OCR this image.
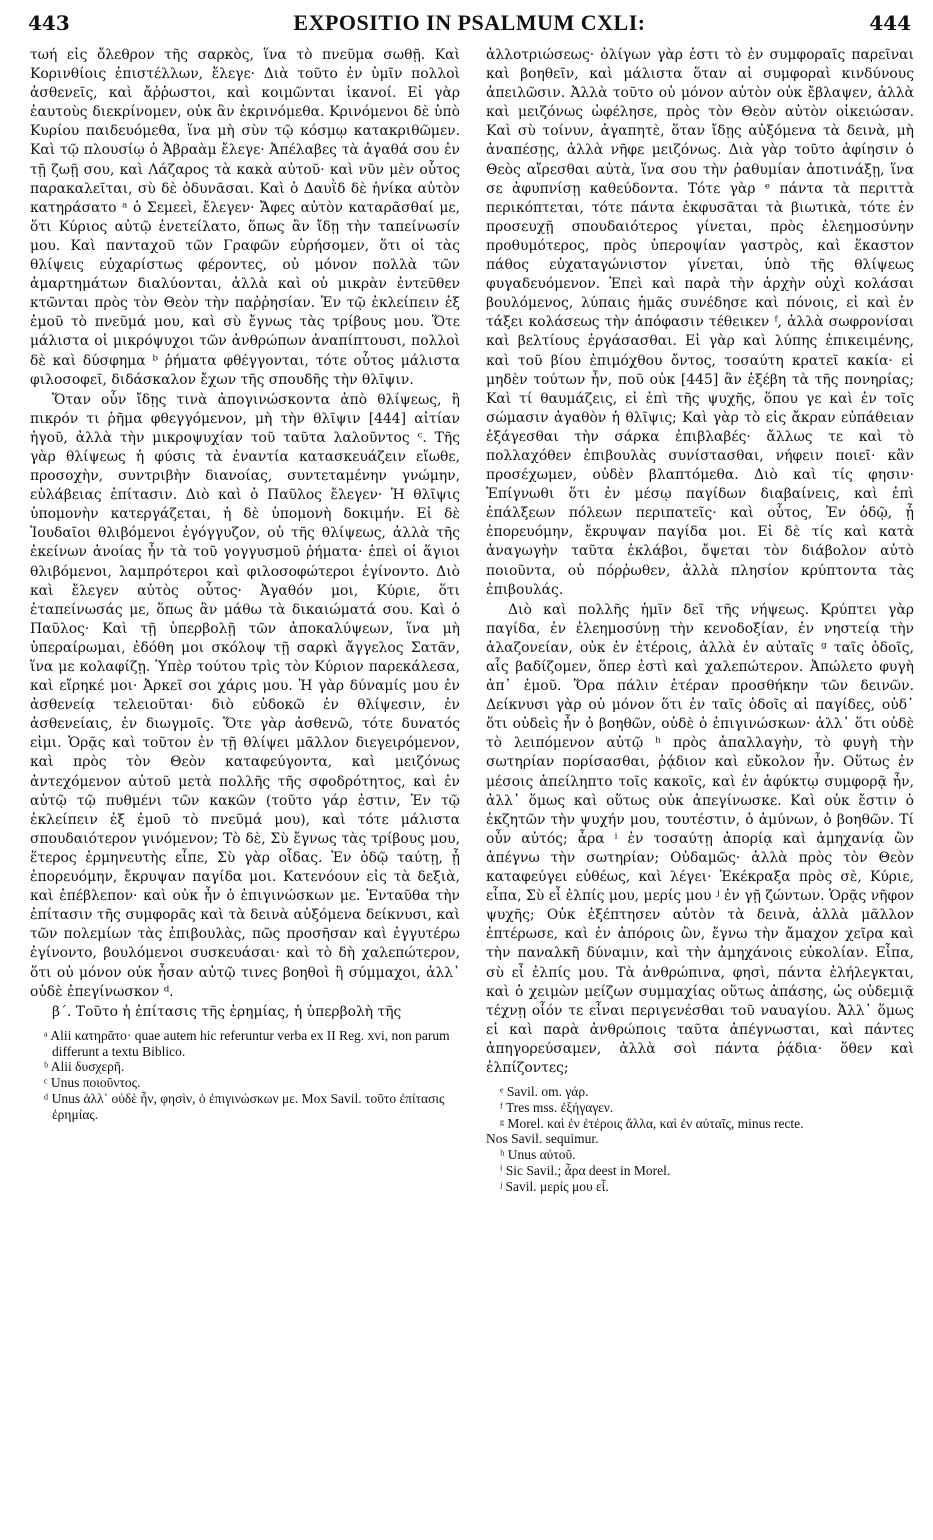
443	EXPOSITIO IN PSALMUM CXLI:	444

τωή εἰς ὄλεθρον τῆς σαρκὸς, ἵνα τὸ πνεῦμα σωθῇ. Καὶ Κορινθίοις ἐπιστέλλων, ἔλεγε· Διὰ τοῦτο ἐν ὑμῖν πολλοὶ ἀσθενεῖς, καὶ ἄῤῥωστοι, καὶ κοιμῶνται ἱκανοί. Εἰ γὰρ ἑαυτοὺς διεκρίνομεν, οὐκ ἂν ἐκρινόμεθα. Κρινόμενοι δὲ ὑπὸ Κυρίου παιδευόμεθα, ἵνα μὴ σὺν τῷ κόσμῳ κατακριθῶμεν. Καὶ τῷ πλουσίῳ ὁ Ἀβραὰμ ἔλεγε· Ἀπέλαβες τὰ ἀγαθά σου ἐν τῇ ζωῇ σου, καὶ Λάζαρος τὰ κακὰ αὐτοῦ· καὶ νῦν μὲν οὗτος παρακαλεῖται, σὺ δὲ ὀδυνᾶσαι. Καὶ ὁ Δαυῒδ δὲ ἡνίκα αὐτὸν κατηράσατο ᵃ ὁ Σεμεεὶ, ἔλεγεν· Ἄφες αὐτὸν καταρᾶσθαί με, ὅτι Κύριος αὐτῷ ἐνετείλατο, ὅπως ἂν ἴδῃ τὴν ταπείνωσίν μου. Καὶ πανταχοῦ τῶν Γραφῶν εὑρήσομεν, ὅτι οἱ τὰς θλίψεις εὐχαρίστως φέροντες, οὐ μόνον πολλὰ τῶν ἁμαρτημάτων διαλύονται, ἀλλὰ καὶ οὐ μικρὰν ἐντεῦθεν κτῶνται πρὸς τὸν Θεὸν τὴν παῤῥησίαν. Ἐν τῷ ἐκλείπειν ἐξ ἐμοῦ τὸ πνεῦμά μου, καὶ σὺ ἔγνως τὰς τρίβους μου. Ὅτε μάλιστα οἱ μικρόψυχοι τῶν ἀνθρώπων ἀναπίπτουσι, πολλοὶ δὲ καὶ δύσφημα ᵇ ῥήματα φθέγγονται, τότε οὗτος μάλιστα φιλοσοφεῖ, διδάσκαλον ἔχων τῆς σπουδῆς τὴν θλῖψιν.

Ὅταν οὖν ἴδῃς τινὰ ἀπογινώσκοντα ἀπὸ θλίψεως, ἢ πικρόν τι ῥῆμα φθεγγόμενον, μὴ τὴν θλῖψιν [444] αἰτίαν ἡγοῦ, ἀλλὰ τὴν μικροψυχίαν τοῦ ταῦτα λαλοῦντος ᶜ. Τῆς γὰρ θλίψεως ἡ φύσις τὰ ἐναντία κατασκευάζειν εἴωθε, προσοχὴν, συντριβὴν διανοίας, συντεταμένην γνώμην, εὐλάβειας ἐπίτασιν. Διὸ καὶ ὁ Παῦλος ἔλεγεν· Ἡ θλῖψις ὑπομονὴν κατεργάζεται, ἡ δὲ ὑπομονὴ δοκιμήν. Εἰ δὲ Ἰουδαῖοι θλιβόμενοι ἐγόγγυζον, οὐ τῆς θλίψεως, ἀλλὰ τῆς ἐκείνων ἀνοίας ἦν τὰ τοῦ γογγυσμοῦ ῥήματα· ἐπεὶ οἱ ἅγιοι θλιβόμενοι, λαμπρότεροι καὶ φιλοσοφώτεροι ἐγίνοντο. Διὸ καὶ ἔλεγεν αὐτὸς οὗτος· Ἀγαθόν μοι, Κύριε, ὅτι ἐταπείνωσάς με, ὅπως ἂν μάθω τὰ δικαιώματά σου. Καὶ ὁ Παῦλος· Καὶ τῇ ὑπερβολῇ τῶν ἀποκαλύψεων, ἵνα μὴ ὑπεραίρωμαι, ἐδόθη μοι σκόλοψ τῇ σαρκὶ ἄγγελος Σατᾶν, ἵνα με κολαφίζῃ. Ὑπὲρ τούτου τρὶς τὸν Κύριον παρεκάλεσα, καὶ εἴρηκέ μοι· Ἀρκεῖ σοι χάρις μου. Ἡ γὰρ δύναμίς μου ἐν ἀσθενείᾳ τελειοῦται· διὸ εὐδοκῶ ἐν θλίψεσιν, ἐν ἀσθενείαις, ἐν διωγμοῖς. Ὅτε γὰρ ἀσθενῶ, τότε δυνατός εἰμι. Ὁρᾷς καὶ τοῦτον ἐν τῇ θλίψει μᾶλλον διεγειρόμενον, καὶ πρὸς τὸν Θεὸν καταφεύγοντα, καὶ μειζόνως ἀντεχόμενον αὐτοῦ μετὰ πολλῆς τῆς σφοδρότητος, καὶ ἐν αὐτῷ τῷ πυθμένι τῶν κακῶν (τοῦτο γάρ ἐστιν, Ἐν τῷ ἐκλείπειν ἐξ ἐμοῦ τὸ πνεῦμά μου), καὶ τότε μάλιστα σπουδαιότερον γινόμενον; Τὸ δὲ, Σὺ ἔγνως τὰς τρίβους μου, ἕτερος ἑρμηνευτὴς εἶπε, Σὺ γὰρ οἶδας. Ἐν ὁδῷ ταύτῃ, ᾗ ἐπορευόμην, ἔκρυψαν παγίδα μοι. Κατενόουν εἰς τὰ δεξιὰ, καὶ ἐπέβλεπον· καὶ οὐκ ἦν ὁ ἐπιγινώσκων με. Ἐνταῦθα τὴν ἐπίτασιν τῆς συμφορᾶς καὶ τὰ δεινὰ αὐξόμενα δείκνυσι, καὶ τῶν πολεμίων τὰς ἐπιβουλὰς, πῶς προσῆσαν καὶ ἐγγυτέρω ἐγίνοντο, βουλόμενοι συσκευάσαι· καὶ τὸ δὴ χαλεπώτερον, ὅτι οὐ μόνον οὐκ ἦσαν αὐτῷ τινες βοηθοὶ ἢ σύμμαχοι, ἀλλ᾽ οὐδὲ ἐπεγίνωσκον ᵈ.

β΄. Τοῦτο ἡ ἐπίτασις τῆς ἐρημίας, ἡ ὑπερβολὴ τῆς

ᵃ Alii κατηρᾶτο· quae autem hic referuntur verba ex II Reg. xvi, non parum differunt a textu Biblico.

ᵇ Alii δυσχερῆ.

ᶜ Unus ποιοῦντος.

ᵈ Unus ἀλλ᾽ οὐδὲ ἦν, φησὶν, ὁ ἐπιγινώσκων με. Mox Savil. τοῦτο ἐπίτασις ἐρημίας.

ἀλλοτριώσεως· ὀλίγων γὰρ ἐστι τὸ ἐν συμφοραῖς παρεῖναι καὶ βοηθεῖν, καὶ μάλιστα ὅταν αἱ συμφοραὶ κινδύνους ἀπειλῶσιν. Ἀλλὰ τοῦτο οὐ μόνον αὐτὸν οὐκ ἔβλαψεν, ἀλλὰ καὶ μειζόνως ὠφέλησε, πρὸς τὸν Θεὸν αὐτὸν οἰκειώσαν. Καὶ σὺ τοίνυν, ἀγαπητὲ, ὅταν ἴδῃς αὐξόμενα τὰ δεινὰ, μὴ ἀναπέσῃς, ἀλλὰ νῆφε μειζόνως. Διὰ γὰρ τοῦτο ἀφίησιν ὁ Θεὸς αἴρεσθαι αὐτὰ, ἵνα σου τὴν ῥαθυμίαν ἀποτινάξῃ, ἵνα σε ἀφυπνίσῃ καθεύδοντα. Τότε γὰρ ᵉ πάντα τὰ περιττὰ περικόπτεται, τότε πάντα ἐκφυσᾶται τὰ βιωτικὰ, τότε ἐν προσευχῇ σπουδαιότερος γίνεται, πρὸς ἐλεημοσύνην προθυμότερος, πρὸς ὑπεροψίαν γαστρὸς, καὶ ἕκαστον πάθος εὐχαταγώνιστον γίνεται, ὑπὸ τῆς θλίψεως φυγαδευόμενον. Ἐπεὶ καὶ παρὰ τὴν ἀρχὴν οὐχὶ κολάσαι βουλόμενος, λύπαις ἡμᾶς συνέδησε καὶ πόνοις, εἰ καὶ ἐν τάξει κολάσεως τὴν ἀπόφασιν τέθεικεν ᶠ, ἀλλὰ σωφρονίσαι καὶ βελτίους ἐργάσασθαι. Εἰ γὰρ καὶ λύπης ἐπικειμένης, καὶ τοῦ βίου ἐπιμόχθου ὄντος, τοσαύτη κρατεῖ κακία· εἰ μηδὲν τούτων ἦν, ποῦ οὐκ [445] ἂν ἐξέβη τὰ τῆς πονηρίας; Καὶ τί θαυμάζεις, εἰ ἐπὶ τῆς ψυχῆς, ὅπου γε καὶ ἐν τοῖς σώμασιν ἀγαθὸν ἡ θλῖψις; Καὶ γὰρ τὸ εἰς ἄκραν εὐπάθειαν ἐξάγεσθαι τὴν σάρκα ἐπιβλαβές· ἄλλως τε καὶ τὸ πολλαχόθεν ἐπιβουλὰς συνίστασθαι, νήφειν ποιεῖ· κἂν προσέχωμεν, οὐδὲν βλαπτόμεθα. Διὸ καὶ τίς φησιν· Ἐπίγνωθι ὅτι ἐν μέσῳ παγίδων διαβαίνεις, καὶ ἐπὶ ἐπάλξεων πόλεων περιπατεῖς· καὶ οὗτος, Ἐν ὁδῷ, ᾗ ἐπορευόμην, ἔκρυψαν παγίδα μοι. Εἰ δὲ τίς καὶ κατὰ ἀναγωγὴν ταῦτα ἐκλάβοι, ὄψεται τὸν διάβολον αὐτὸ ποιοῦντα, οὐ πόρῤωθεν, ἀλλὰ πλησίον κρύπτοντα τὰς ἐπιβουλάς.

Διὸ καὶ πολλῆς ἡμῖν δεῖ τῆς νήψεως. Κρύπτει γὰρ παγίδα, ἐν ἐλεημοσύνῃ τὴν κενοδοξίαν, ἐν νηστείᾳ τὴν ἀλαζονείαν, οὐκ ἐν ἑτέροις, ἀλλὰ ἐν αὐταῖς ᵍ ταῖς ὁδοῖς, αἷς βαδίζομεν, ὅπερ ἐστὶ καὶ χαλεπώτερον. Ἀπώλετο φυγὴ ἀπ᾽ ἐμοῦ. Ὅρα πάλιν ἑτέραν προσθήκην τῶν δεινῶν. Δείκνυσι γὰρ οὐ μόνον ὅτι ἐν ταῖς ὁδοῖς αἱ παγίδες, οὐδ᾽ ὅτι οὐδεὶς ἦν ὁ βοηθῶν, οὐδὲ ὁ ἐπιγινώσκων· ἀλλ᾽ ὅτι οὐδὲ τὸ λειπόμενον αὐτῷ ʰ πρὸς ἀπαλλαγὴν, τὸ φυγὴ τὴν σωτηρίαν πορίσασθαι, ῥᾴδιον καὶ εὔκολον ἦν. Οὕτως ἐν μέσοις ἀπείληπτο τοῖς κακοῖς, καὶ ἐν ἀφύκτῳ συμφορᾷ ἦν, ἀλλ᾽ ὅμως καὶ οὕτως οὐκ ἀπεγίνωσκε. Καὶ οὐκ ἔστιν ὁ ἐκζητῶν τὴν ψυχήν μου, τουτέστιν, ὁ ἀμύνων, ὁ βοηθῶν. Τί οὖν αὐτός; ἆρα ⁱ ἐν τοσαύτῃ ἀπορίᾳ καὶ ἀμηχανίᾳ ὢν ἀπέγνω τὴν σωτηρίαν; Οὐδαμῶς· ἀλλὰ πρὸς τὸν Θεὸν καταφεύγει εὐθέως, καὶ λέγει· Ἐκέκραξα πρὸς σὲ, Κύριε, εἶπα, Σὺ εἶ ἐλπίς μου, μερίς μου ʲ ἐν γῇ ζώντων. Ὁρᾷς νῆφον ψυχῆς; Οὐκ ἐξέπτησεν αὐτὸν τὰ δεινὰ, ἀλλὰ μᾶλλον ἐπτέρωσε, καὶ ἐν ἀπόροις ὢν, ἔγνω τὴν ἄμαχον χεῖρα καὶ τὴν παναλκῆ δύναμιν, καὶ τὴν ἀμηχάνοις εὐκολίαν. Εἶπα, σὺ εἶ ἐλπίς μου. Τὰ ἀνθρώπινα, φησὶ, πάντα ἐλήλεγκται, καὶ ὁ χειμὼν μείζων συμμαχίας οὕτως ἁπάσης, ὡς οὐδεμιᾷ τέχνῃ οἷόν τε εἶναι περιγενέσθαι τοῦ ναυαγίου. Ἀλλ᾽ ὅμως εἰ καὶ παρὰ ἀνθρώποις ταῦτα ἀπέγνωσται, καὶ πάντες ἀπηγορεύσαμεν, ἀλλὰ σοὶ πάντα ῥᾴδια· ὅθεν καὶ ἐλπίζοντες;

ᵉ Savil. om. γάρ.

ᶠ Tres mss. ἐξήγαγεν.

ᵍ Morel. καὶ ἐν ἑτέροις ἄλλα, καὶ ἐν αὐταῖς, minus recte.

Nos Savil. sequimur.

ʰ Unus αὐτοῦ.

ⁱ Sic Savil.; ἆρα deest in Morel.

ʲ Savil. μερίς μου εἶ.
